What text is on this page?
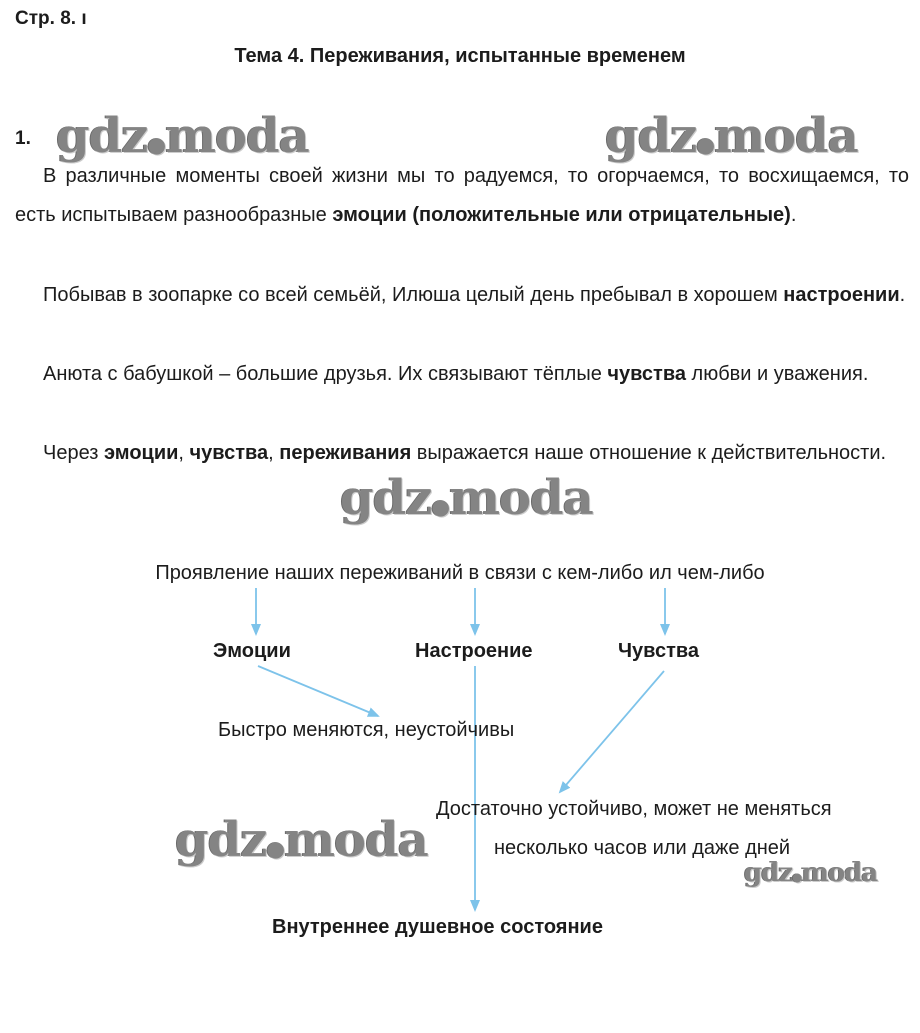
Стр. 8. ı
Тема 4. Переживания, испытанные временем
1.

В различные моменты своей жизни мы то радуемся, то огорчаемся, то восхищаемся, то есть испытываем разнообразные эмоции (положительные или отрицательные).

Побывав в зоопарке со всей семьёй, Илюша целый день пребывал в хорошем настроении.

Анюта с бабушкой – большие друзья. Их связывают тёплые чувства любви и уважения.

Через эмоции, чувства, переживания выражается наше отношение к действительности.

Проявление наших переживаний в связи с кем-либо ил чем-либо
Эмоции	Настроение	Чувства
Быстро меняются, неустойчивы
Достаточно устойчиво, может не меняться
несколько часов или даже дней
Внутреннее душевное состояние
gdz●moda	gdz●moda
gdz●moda
gdz●moda
gdz●moda
